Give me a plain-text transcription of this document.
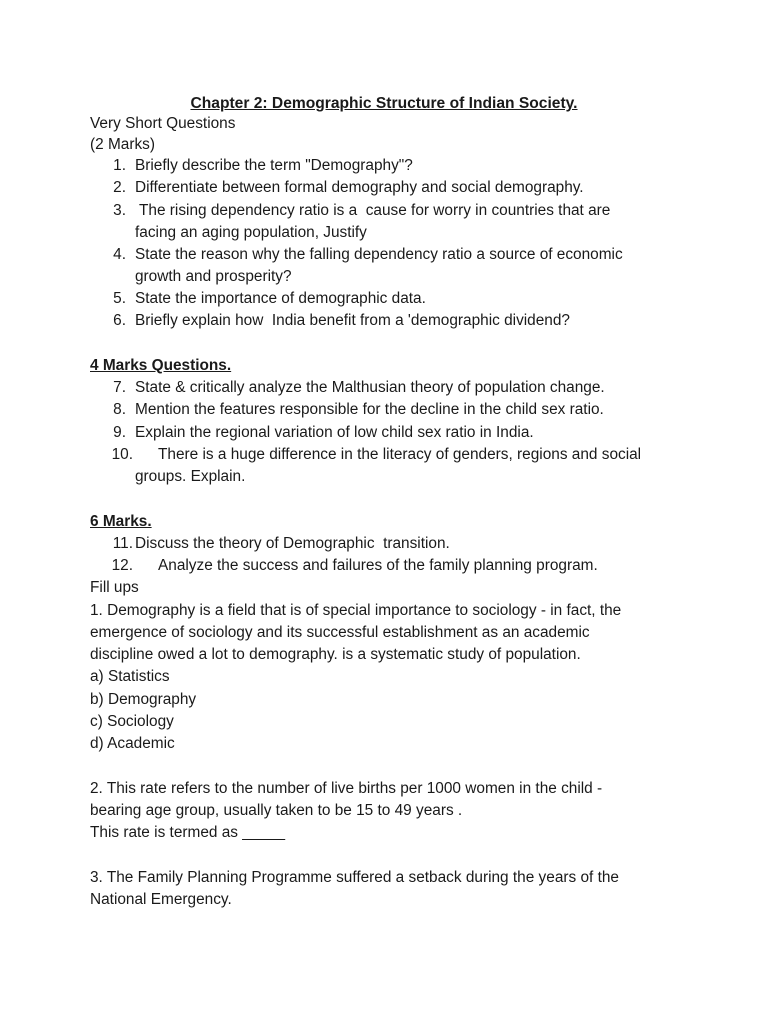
Chapter 2: Demographic Structure of Indian Society.
Very Short Questions
(2 Marks)
1. Briefly describe the term "Demography"?
2. Differentiate between formal demography and social demography.
3. The rising dependency ratio is a  cause for worry in countries that are
facing an aging population, Justify
4. State the reason why the falling dependency ratio a source of economic
growth and prosperity?
5. State the importance of demographic data.
6. Briefly explain how  India benefit from a 'demographic dividend?
4 Marks Questions.
7. State & critically analyze the Malthusian theory of population change.
8. Mention the features responsible for the decline in the child sex ratio.
9. Explain the regional variation of low child sex ratio in India.
10. There is a huge difference in the literacy of genders, regions and social
groups. Explain.
6 Marks.
11. Discuss the theory of Demographic  transition.
12. Analyze the success and failures of the family planning program.
Fill ups
1. Demography is a field that is of special importance to sociology - in fact, the
emergence of sociology and its successful establishment as an academic
discipline owed a lot to demography. is a systematic study of population.
a) Statistics
b) Demography
c) Sociology
d) Academic
2. This rate refers to the number of live births per 1000 women in the child -
bearing age group, usually taken to be 15 to 49 years .
This rate is termed as _____
3. The Family Planning Programme suffered a setback during the years of the
National Emergency.
